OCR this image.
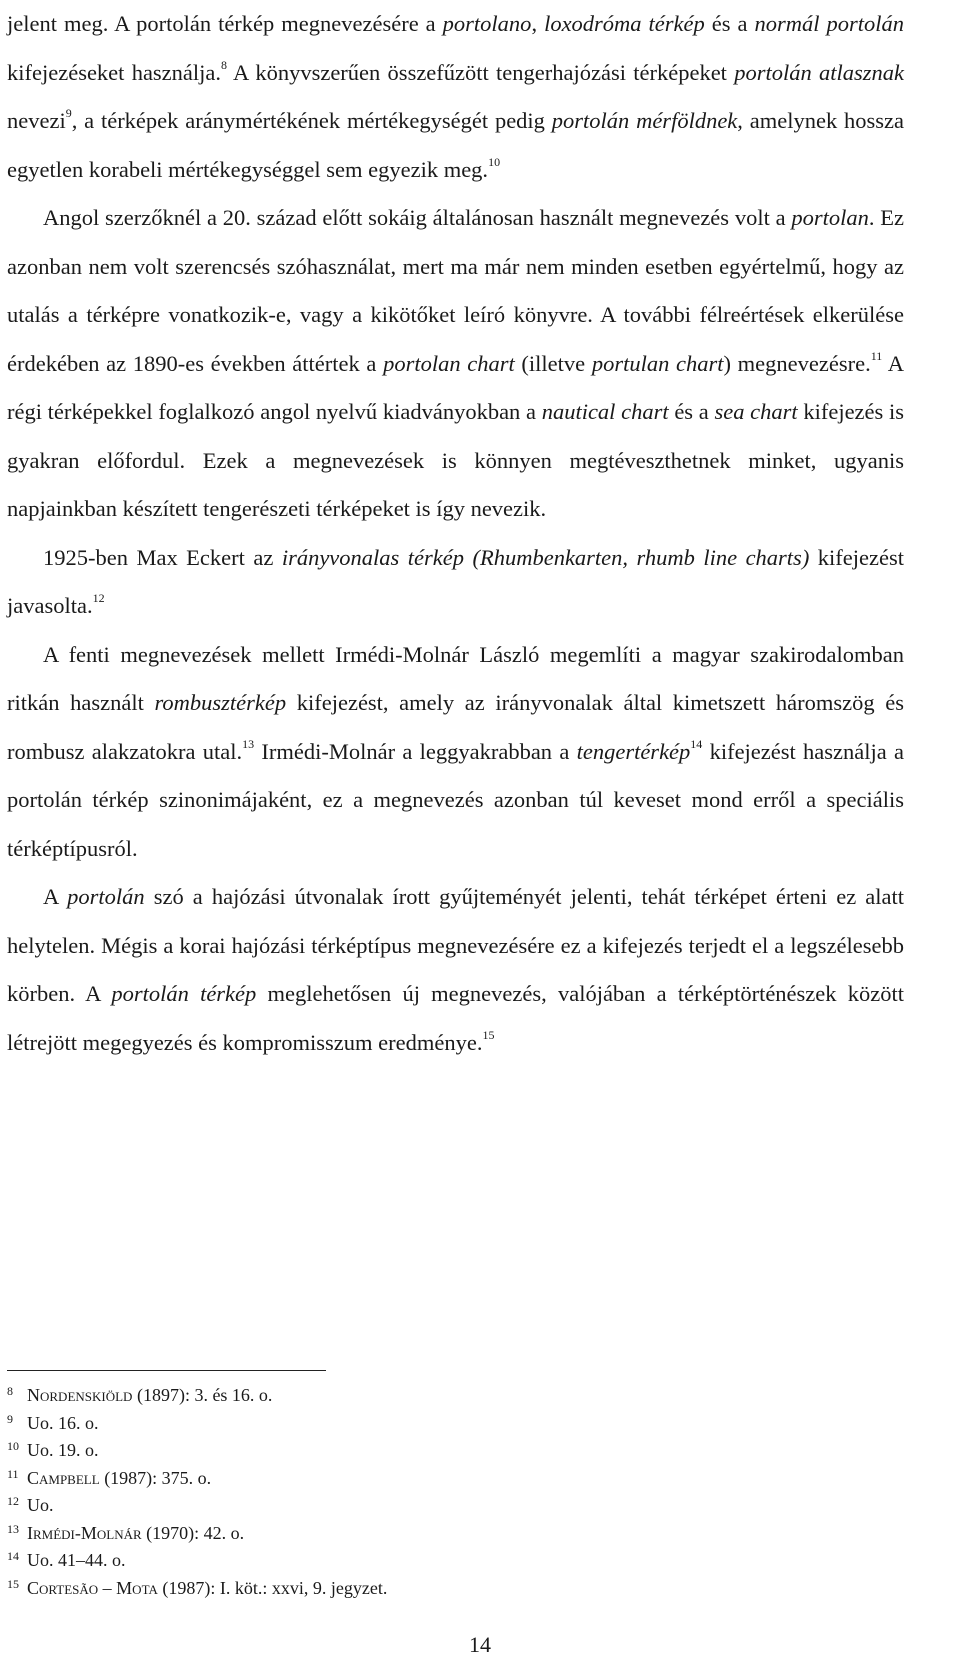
jelent meg. A portolán térkép megnevezésére a portolano, loxodróma térkép és a normál portolán kifejezéseket használja.$^8$ A könyvszerűen összefűzött tengerhajózási térképeket portolán atlasznak nevezi$^9$, a térképek aránymértékének mértékegységét pedig portolán mérföldnek, amelynek hossza egyetlen korabeli mértékegységgel sem egyezik meg.$^{10}$

Angol szerzőknél a 20. század előtt sokáig általánosan használt megnevezés volt a portolan. Ez azonban nem volt szerencsés szóhasználat, mert ma már nem minden esetben egyértelmű, hogy az utalás a térképre vonatkozik-e, vagy a kikötőket leíró könyvre. A további félreértések elkerülése érdekében az 1890-es években áttértek a portolan chart (illetve portulan chart) megnevezésre.$^{11}$ A régi térképekkel foglalkozó angol nyelvű kiadványokban a nautical chart és a sea chart kifejezés is gyakran előfordul. Ezek a megnevezések is könnyen megtéveszthetnek minket, ugyanis napjainkban készített tengerészeti térképeket is így nevezik.

1925-ben Max Eckert az irányvonalas térkép (Rhumbenkarten, rhumb line charts) kifejezést javasolta.$^{12}$

A fenti megnevezések mellett Irmédi-Molnár László megemlíti a magyar szakirodalomban ritkán használt rombusztérkép kifejezést, amely az irányvonalak által kimetszett háromszög és rombusz alakzatokra utal.$^{13}$ Irmédi-Molnár a leggyakrabban a tengertérkép$^{14}$ kifejezést használja a portolán térkép szinonimájaként, ez a megnevezés azonban túl keveset mond erről a speciális térképtípusról.

A portolán szó a hajózási útvonalak írott gyűjteményét jelenti, tehát térképet érteni ez alatt helytelen. Mégis a korai hajózási térképtípus megnevezésére ez a kifejezés terjedt el a legszélesebb körben. A portolán térkép meglehetősen új megnevezés, valójában a térképtörténészek között létrejött megegyezés és kompromisszum eredménye.$^{15}$

8 Nordenskiöld (1897): 3. és 16. o.
9 Uo. 16. o.
10 Uo. 19. o.
11 Campbell (1987): 375. o.
12 Uo.
13 Irmédi-Molnár (1970): 42. o.
14 Uo. 41–44. o.
15 Cortesão – Mota (1987): I. köt.: xxvi, 9. jegyzet.
14
